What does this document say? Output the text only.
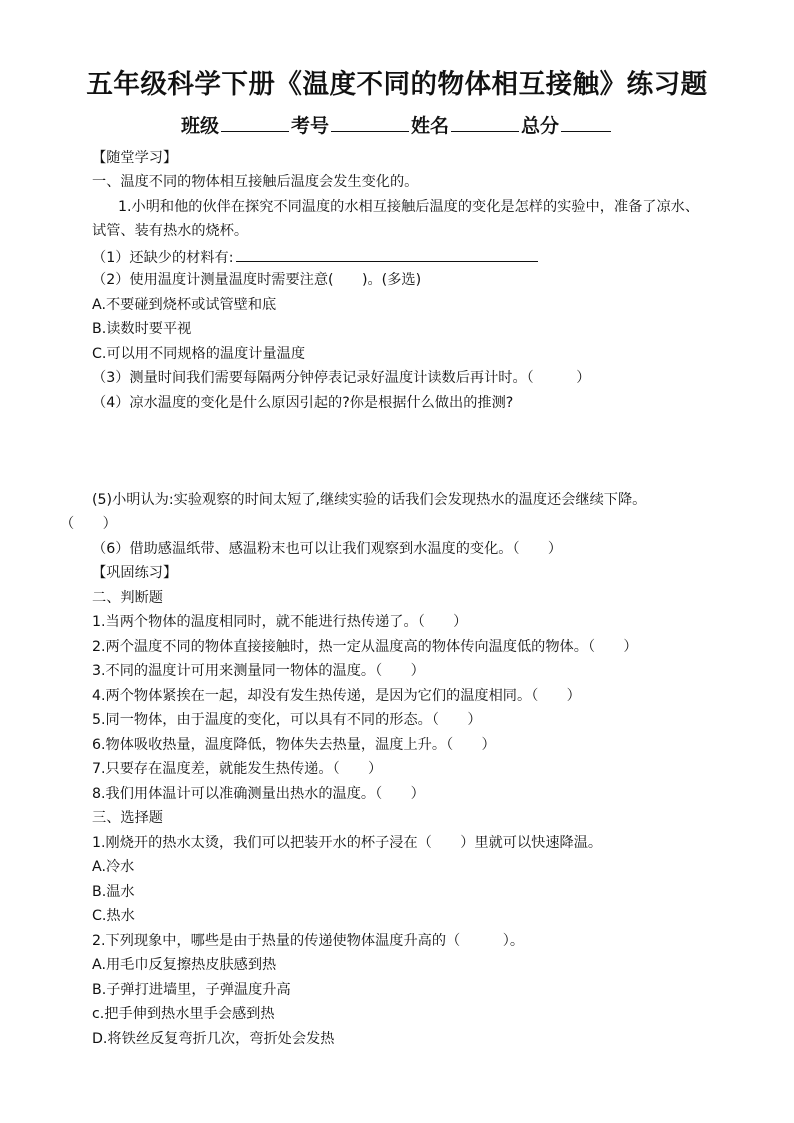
五年级科学下册《温度不同的物体相互接触》练习题
班级	考号	姓名	总分
【随堂学习】
一、温度不同的物体相互接触后温度会发生变化的。
1.小明和他的伙伴在探究不同温度的水相互接触后温度的变化是怎样的实验中，准备了凉水、
试管、装有热水的烧杯。
（1）还缺少的材料有:
（2）使用温度计测量温度时需要注意(　　)。(多选)
A.不要碰到烧杯或试管壁和底
B.读数时要平视
C.可以用不同规格的温度计量温度
（3）测量时间我们需要每隔两分钟停表记录好温度计读数后再计时。（　　　）
（4）凉水温度的变化是什么原因引起的?你是根据什么做出的推测?
(5)小明认为:实验观察的时间太短了,继续实验的话我们会发现热水的温度还会继续下降。
（　　）
（6）借助感温纸带、感温粉末也可以让我们观察到水温度的变化。（　　）
【巩固练习】
二、判断题
1.当两个物体的温度相同时，就不能进行热传递了。（　　）
2.两个温度不同的物体直接接触时，热一定从温度高的物体传向温度低的物体。（　　）
3.不同的温度计可用来测量同一物体的温度。（　　）
4.两个物体紧挨在一起，却没有发生热传递，是因为它们的温度相同。（　　）
5.同一物体，由于温度的变化，可以具有不同的形态。（　　）
6.物体吸收热量，温度降低，物体失去热量，温度上升。（　　）
7.只要存在温度差，就能发生热传递。（　　）
8.我们用体温计可以准确测量出热水的温度。（　　）
三、选择题
1.刚烧开的热水太烫，我们可以把装开水的杯子浸在（　　）里就可以快速降温。
A.冷水
B.温水
C.热水
2.下列现象中，哪些是由于热量的传递使物体温度升高的（　　　）。
A.用毛巾反复擦热皮肤感到热
B.子弹打进墙里，子弹温度升高
c.把手伸到热水里手会感到热
D.将铁丝反复弯折几次，弯折处会发热
